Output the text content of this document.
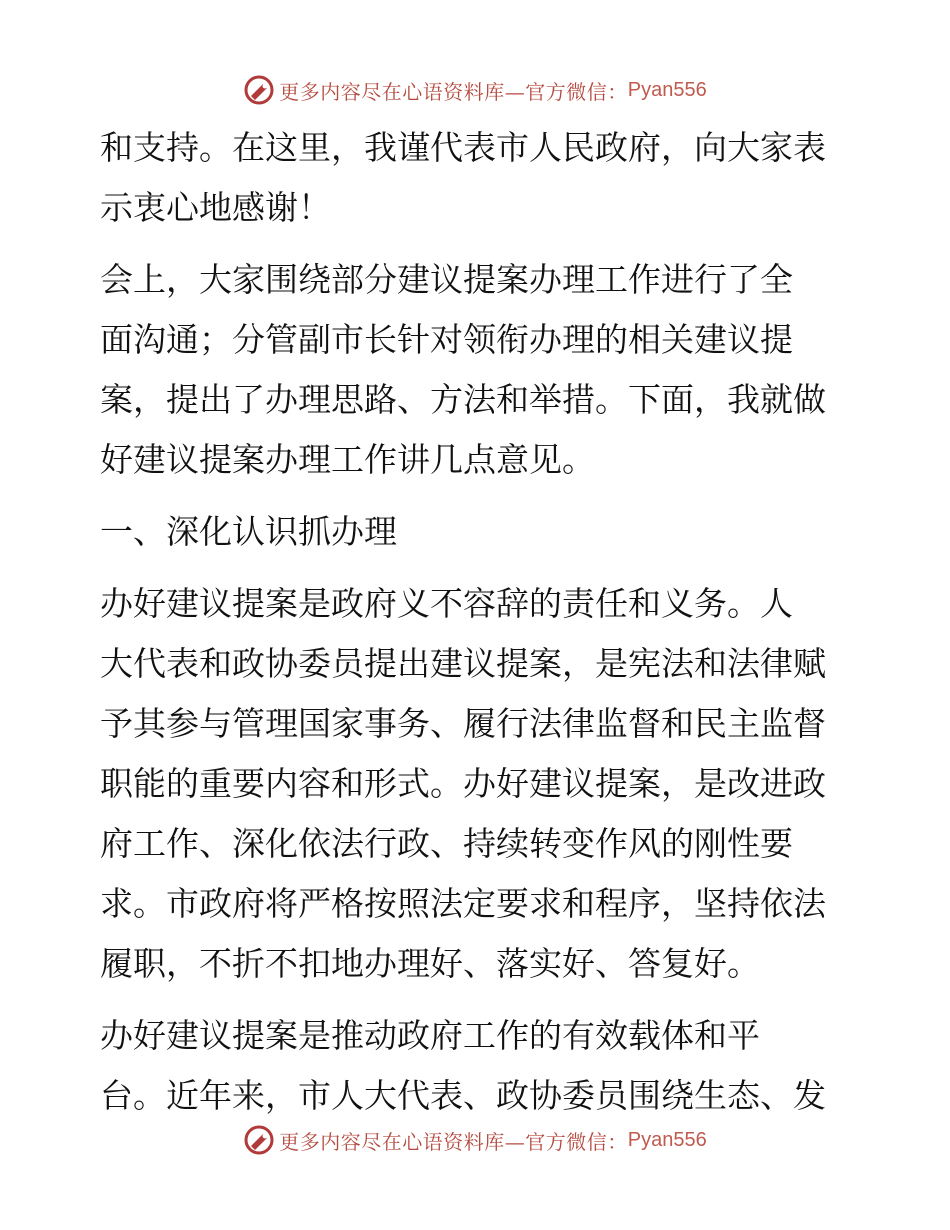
更多内容尽在心语资料库—官方微信： Pyan556
和支持。在这里，我谨代表市人民政府，向大家表
示衷心地感谢！
会上，大家围绕部分建议提案办理工作进行了全
面沟通；分管副市长针对领衔办理的相关建议提
案，提出了办理思路、方法和举措。下面，我就做
好建议提案办理工作讲几点意见。
一、深化认识抓办理
办好建议提案是政府义不容辞的责任和义务。人
大代表和政协委员提出建议提案，是宪法和法律赋
予其参与管理国家事务、履行法律监督和民主监督
职能的重要内容和形式。办好建议提案，是改进政
府工作、深化依法行政、持续转变作风的刚性要
求。市政府将严格按照法定要求和程序，坚持依法
履职，不折不扣地办理好、落实好、答复好。
办好建议提案是推动政府工作的有效载体和平
台。近年来，市人大代表、政协委员围绕生态、发
更多内容尽在心语资料库—官方微信： Pyan556
